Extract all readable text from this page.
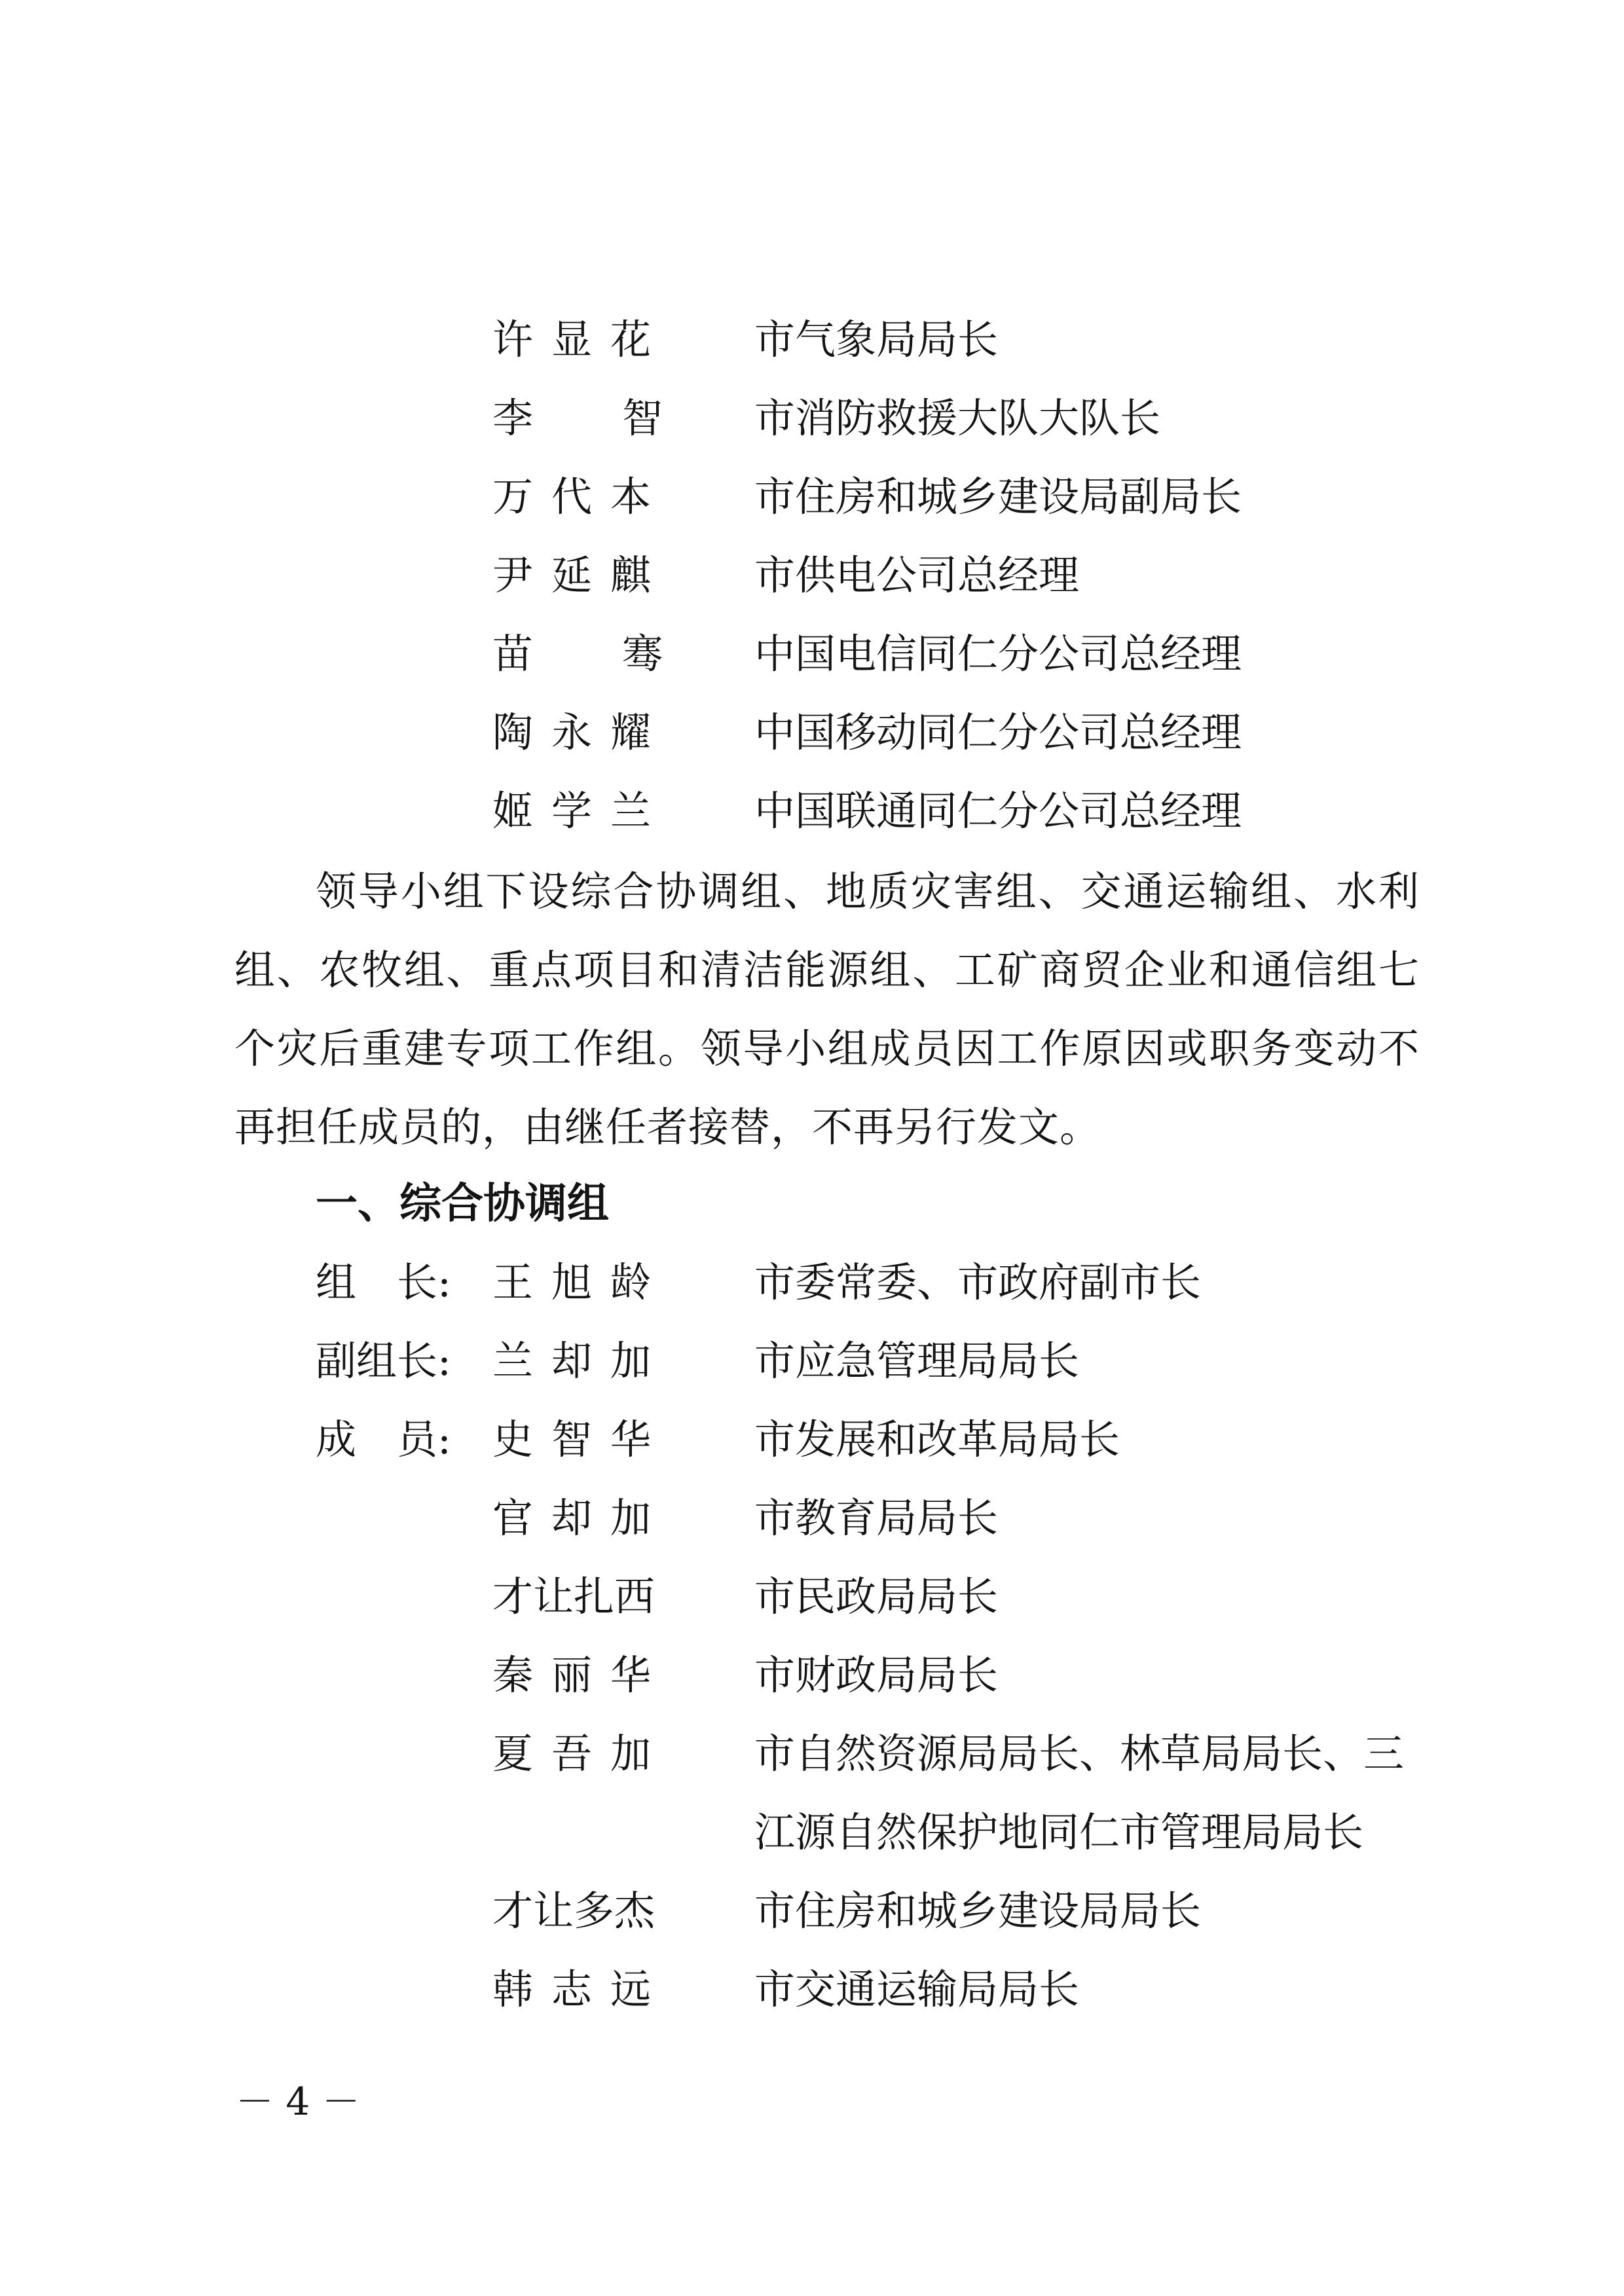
许显花 市气象局局长
李智 市消防救援大队大队长
万代本 市住房和城乡建设局副局长
尹延麒 市供电公司总经理
苗骞 中国电信同仁分公司总经理
陶永耀 中国移动同仁分公司总经理
姬学兰 中国联通同仁分公司总经理

领导小组下设综合协调组、地质灾害组、交通运输组、水利组、农牧组、重点项目和清洁能源组、工矿商贸企业和通信组七个灾后重建专项工作组。领导小组成员因工作原因或职务变动不再担任成员的，由继任者接替，不再另行发文。

一、综合协调组
组　长: 王旭龄 市委常委、市政府副市长
副组长: 兰却加 市应急管理局局长
成　员: 史智华 市发展和改革局局长
官却加 市教育局局长
才让扎西 市民政局局长
秦丽华 市财政局局长
夏吾加 市自然资源局局长、林草局局长、三
江源自然保护地同仁市管理局局长
才让多杰 市住房和城乡建设局局长
韩志远 市交通运输局局长
－ 4 －
